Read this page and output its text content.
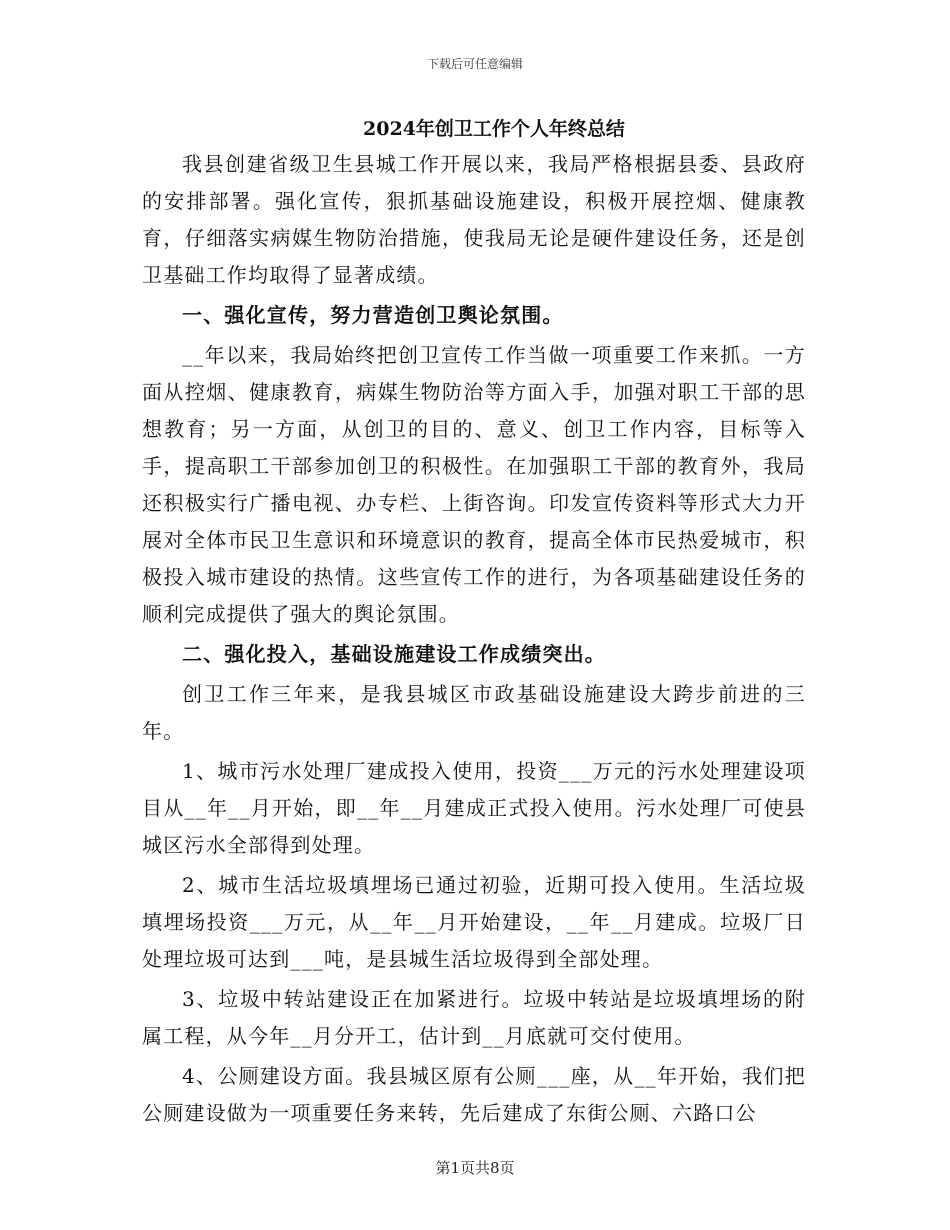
下载后可任意编辑
2024年创卫工作个人年终总结

我县创建省级卫生县城工作开展以来，我局严格根据县委、县政府的安排部署。强化宣传，狠抓基础设施建设，积极开展控烟、健康教育，仔细落实病媒生物防治措施，使我局无论是硬件建设任务，还是创卫基础工作均取得了显著成绩。

一、强化宣传，努力营造创卫舆论氛围。

__年以来，我局始终把创卫宣传工作当做一项重要工作来抓。一方面从控烟、健康教育，病媒生物防治等方面入手，加强对职工干部的思想教育；另一方面，从创卫的目的、意义、创卫工作内容，目标等入手，提高职工干部参加创卫的积极性。在加强职工干部的教育外，我局还积极实行广播电视、办专栏、上街咨询。印发宣传资料等形式大力开展对全体市民卫生意识和环境意识的教育，提高全体市民热爱城市，积极投入城市建设的热情。这些宣传工作的进行，为各项基础建设任务的顺利完成提供了强大的舆论氛围。

二、强化投入，基础设施建设工作成绩突出。

创卫工作三年来，是我县城区市政基础设施建设大跨步前进的三年。

1、城市污水处理厂建成投入使用，投资___万元的污水处理建设项目从__年__月开始，即__年__月建成正式投入使用。污水处理厂可使县城区污水全部得到处理。

2、城市生活垃圾填埋场已通过初验，近期可投入使用。生活垃圾填埋场投资___万元，从__年__月开始建设，__年__月建成。垃圾厂日处理垃圾可达到___吨，是县城生活垃圾得到全部处理。

3、垃圾中转站建设正在加紧进行。垃圾中转站是垃圾填埋场的附属工程，从今年__月分开工，估计到__月底就可交付使用。

4、公厕建设方面。我县城区原有公厕___座，从__年开始，我们把公厕建设做为一项重要任务来转，先后建成了东街公厕、六路口公

第1页共8页
